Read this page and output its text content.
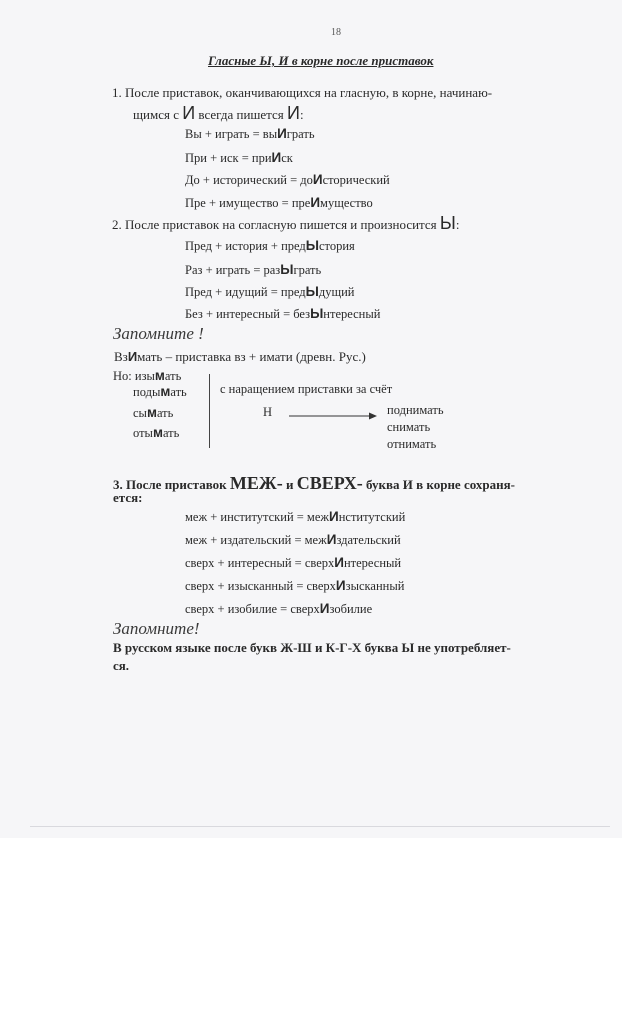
18
Гласные Ы, И в корне после приставок
1. После приставок, оканчивающихся на гласную, в корне, начинаю-
щимся с И всегда пишется И:
Вы + играть = выИграть
При + иск = приИск
До + исторический = доИсторический
Пре + имущество = преИмущество
2. После приставок на согласную пишется и произносится Ы:
Пред + история + предЫстория
Раз + играть = разЫграть
Пред + идущий = предЫдущий
Без + интересный = безЫнтересный
Запомните !
ВзИмать – приставка вз + имати (древн. Рус.)
Но: изымать
подымать
сымать
отымать
с наращением приставки за счёт
Н	поднимать
снимать
отнимать
3. После приставок МЕЖ- и СВЕРХ- буква И в корне сохраня-
ется:
меж + институтский = межИнститутский
меж + издательский = межИздательский
сверх + интересный = сверхИнтересный
сверх + изысканный = сверхИзысканный
сверх + изобилие = сверхИзобилие
Запомните!
В русском языке после букв Ж-Ш и К-Г-Х буква Ы не употребляет-
ся.
